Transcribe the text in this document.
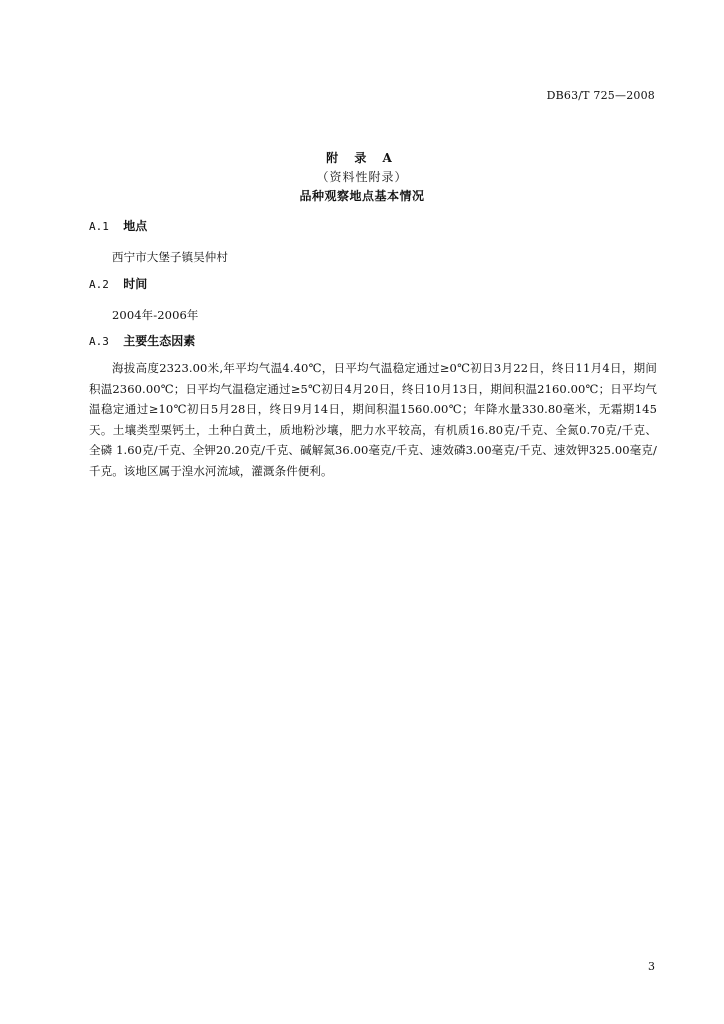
DB63/T 725—2008
附 录 A
（资料性附录）
品种观察地点基本情况
A.1 地点
西宁市大堡子镇吴仲村
A.2 时间
2004年-2006年
A.3 主要生态因素
海拔高度2323.00米,年平均气温4.40℃，日平均气温稳定通过≥0℃初日3月22日，终日11月4日，期间积温2360.00℃；日平均气温稳定通过≥5℃初日4月20日，终日10月13日，期间积温2160.00℃；日平均气温稳定通过≥10℃初日5月28日，终日9月14日，期间积温1560.00℃；年降水量330.80毫米，无霜期145天。土壤类型栗钙土，土种白黄土，质地粉沙壤，肥力水平较高，有机质16.80克/千克、全氮0.70克/千克、 全磷 1.60克/千克、全钾20.20克/千克、碱解氮36.00毫克/千克、速效磷3.00毫克/千克、速效钾325.00毫克/千克。该地区属于湟水河流域，灌溉条件便利。
3
